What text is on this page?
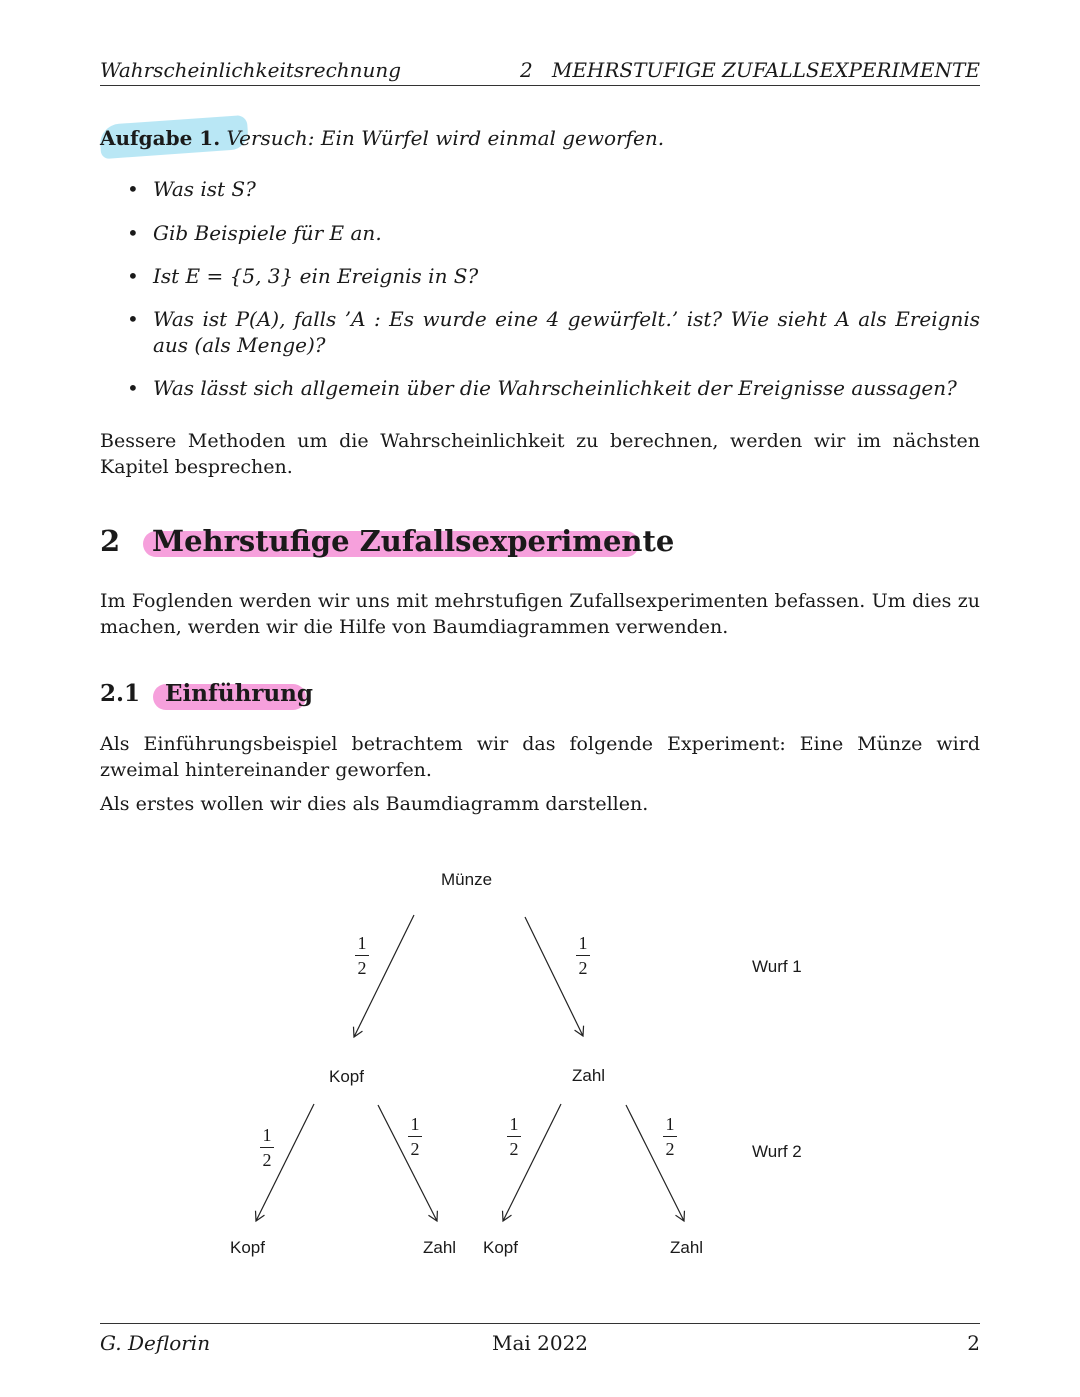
Wahrscheinlichkeitsrechnung	2   MEHRSTUFIGE ZUFALLSEXPERIMENTE
Aufgabe 1. Versuch: Ein Würfel wird einmal geworfen.
• Was ist S?
• Gib Beispiele für E an.
• Ist E = {5, 3} ein Ereignis in S?
• Was ist P(A), falls ’A : Es wurde eine 4 gewürfelt.’ ist? Wie sieht A als Ereignis aus (als Menge)?
• Was lässt sich allgemein über die Wahrscheinlichkeit der Ereignisse aussagen?
Bessere Methoden um die Wahrscheinlichkeit zu berechnen, werden wir im nächsten Kapitel besprechen.
2 Mehrstufige Zufallsexperimente
Im Foglenden werden wir uns mit mehrstufigen Zufallsexperimenten befassen. Um dies zu machen, werden wir die Hilfe von Baumdiagrammen verwenden.
2.1 Einführung
Als Einführungsbeispiel betrachtem wir das folgende Experiment: Eine Münze wird zweimal hintereinander geworfen.
Als erstes wollen wir dies als Baumdiagramm darstellen.
Münze
Kopf	Zahl
Kopf	Zahl Kopf	Zahl
Wurf 1
Wurf 2
1
2
1
2
1
2
1
2
1
2
1
2
G. Deflorin	Mai 2022	2
